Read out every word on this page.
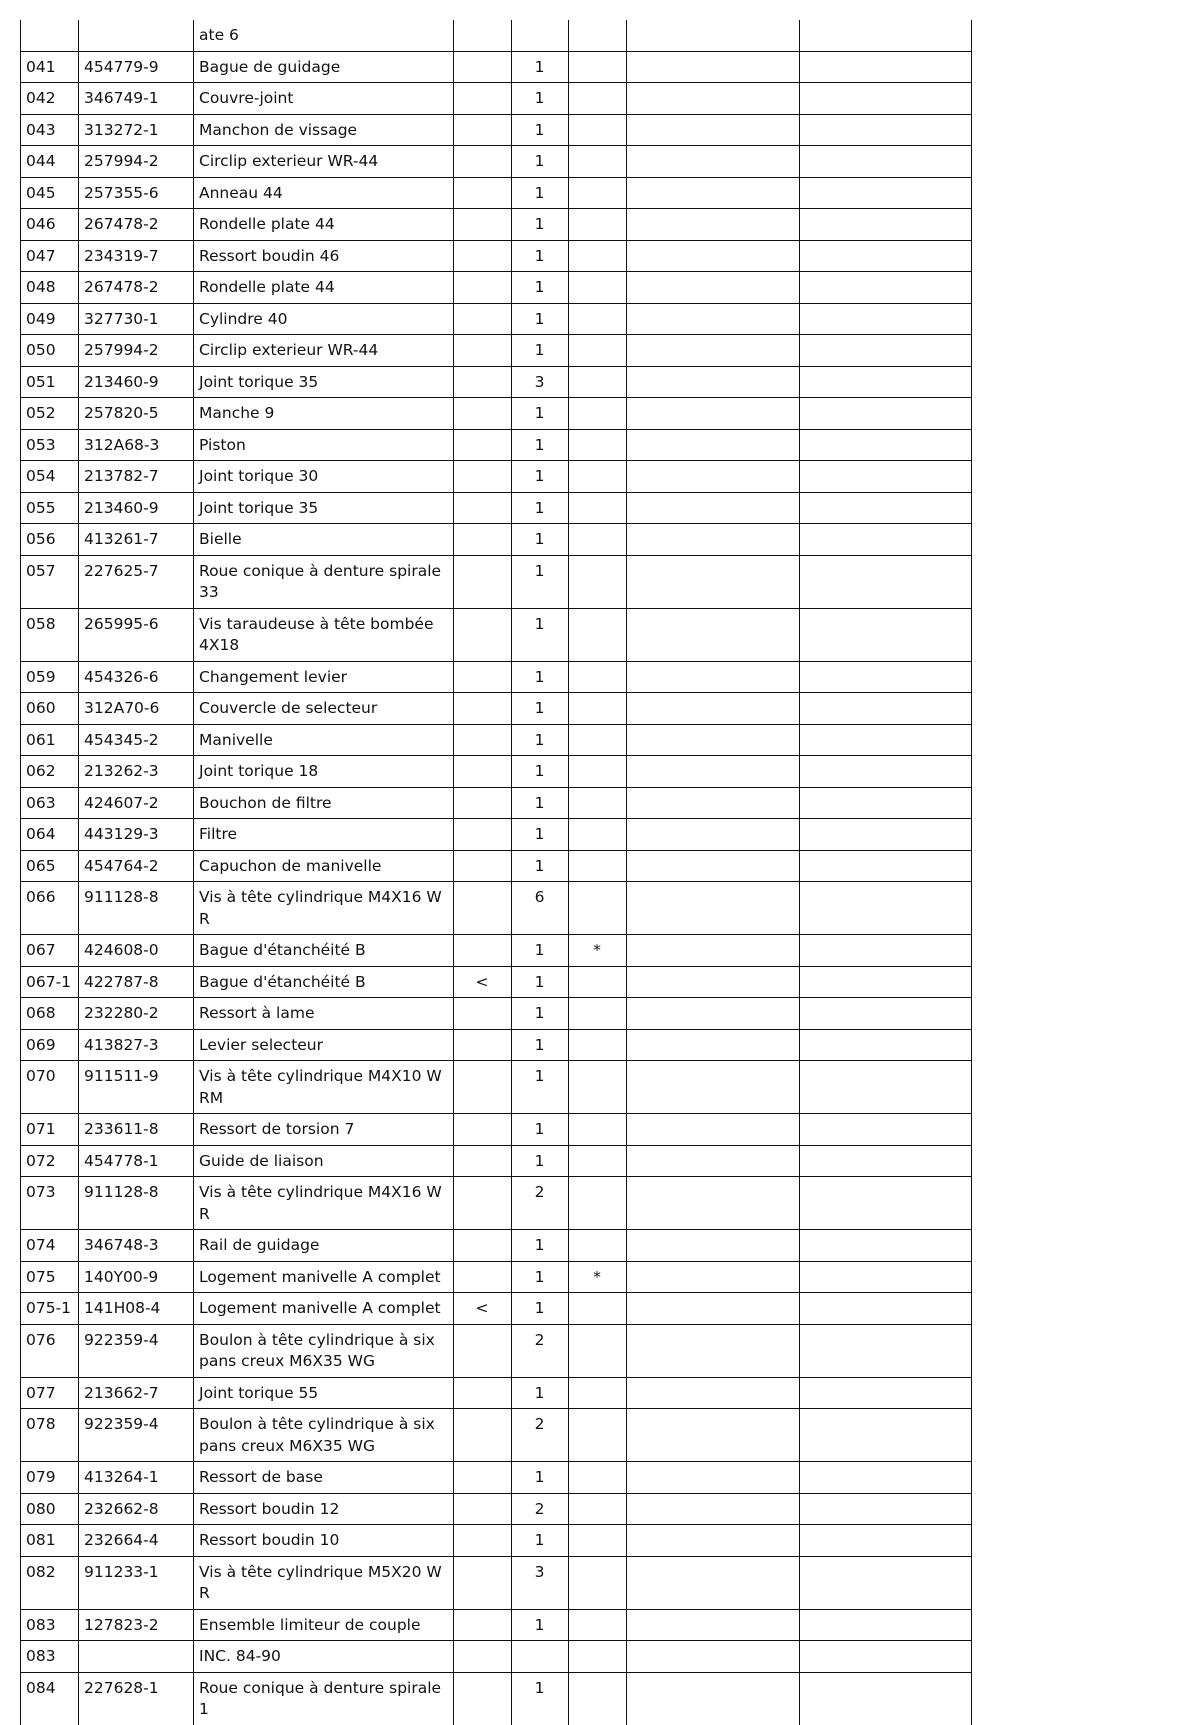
		ate 6					
041	454779-9	Bague de guidage		1			
042	346749-1	Couvre-joint		1			
043	313272-1	Manchon de vissage		1			
044	257994-2	Circlip exterieur WR-44		1			
045	257355-6	Anneau 44		1			
046	267478-2	Rondelle plate 44		1			
047	234319-7	Ressort boudin 46		1			
048	267478-2	Rondelle plate 44		1			
049	327730-1	Cylindre 40		1			
050	257994-2	Circlip exterieur WR-44		1			
051	213460-9	Joint torique 35		3			
052	257820-5	Manche 9		1			
053	312A68-3	Piston		1			
054	213782-7	Joint torique 30		1			
055	213460-9	Joint torique 35		1			
056	413261-7	Bielle		1			
057	227625-7	Roue conique à denture spirale 33		1			
058	265995-6	Vis taraudeuse à tête bombée 4X18		1			
059	454326-6	Changement levier		1			
060	312A70-6	Couvercle de selecteur		1			
061	454345-2	Manivelle		1			
062	213262-3	Joint torique 18		1			
063	424607-2	Bouchon de filtre		1			
064	443129-3	Filtre		1			
065	454764-2	Capuchon de manivelle		1			
066	911128-8	Vis à tête cylindrique M4X16 WR		6			
067	424608-0	Bague d'étanchéité B		1	*		
067-1	422787-8	Bague d'étanchéité B	<	1			
068	232280-2	Ressort à lame		1			
069	413827-3	Levier selecteur		1			
070	911511-9	Vis à tête cylindrique M4X10 WRM		1			
071	233611-8	Ressort de torsion 7		1			
072	454778-1	Guide de liaison		1			
073	911128-8	Vis à tête cylindrique M4X16 WR		2			
074	346748-3	Rail de guidage		1			
075	140Y00-9	Logement manivelle A complet		1	*		
075-1	141H08-4	Logement manivelle A complet	<	1			
076	922359-4	Boulon à tête cylindrique à six pans creux M6X35 WG		2			
077	213662-7	Joint torique 55		1			
078	922359-4	Boulon à tête cylindrique à six pans creux M6X35 WG		2			
079	413264-1	Ressort de base		1			
080	232662-8	Ressort boudin 12		2			
081	232664-4	Ressort boudin 10		1			
082	911233-1	Vis à tête cylindrique M5X20 WR		3			
083	127823-2	Ensemble limiteur de couple		1			
083		INC. 84-90					
084	227628-1	Roue conique à denture spirale 1		1			
